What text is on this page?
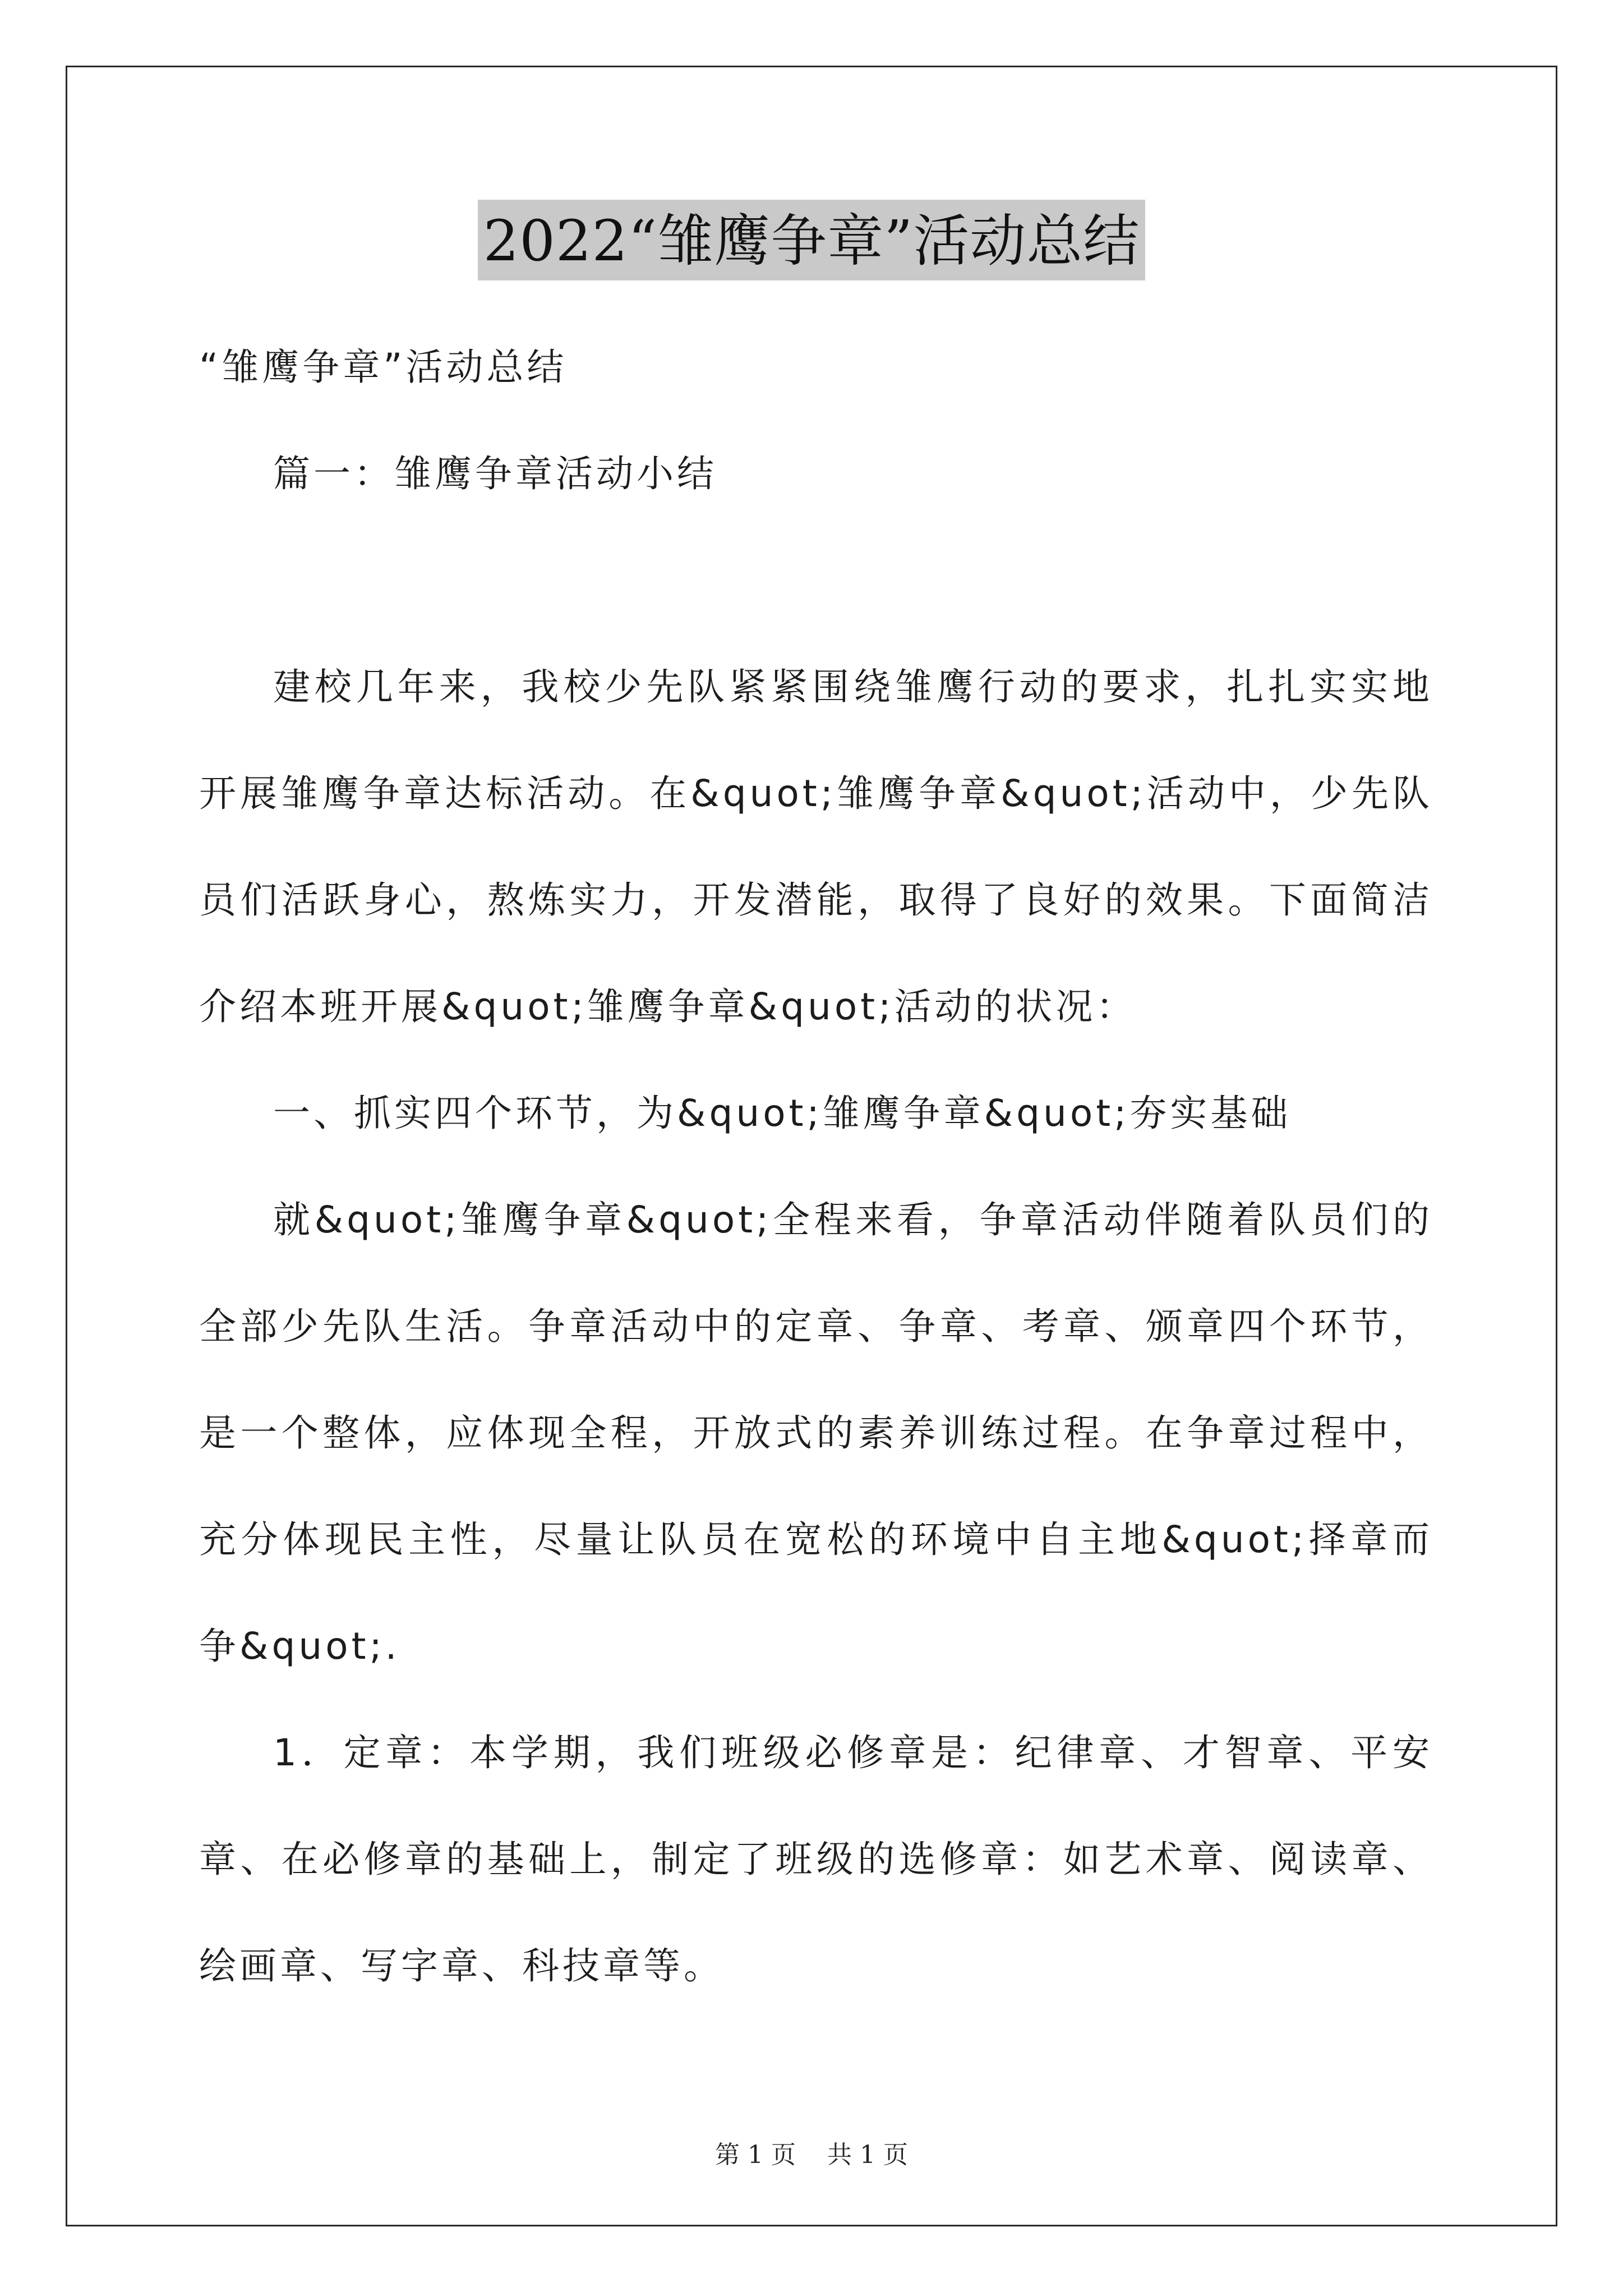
2022“雏鹰争章”活动总结

“雏鹰争章”活动总结

篇一：雏鹰争章活动小结

建校几年来，我校少先队紧紧围绕雏鹰行动的要求，扎扎实实地开展雏鹰争章达标活动。在&quot;雏鹰争章&quot;活动中，少先队员们活跃身心，熬炼实力，开发潜能，取得了良好的效果。下面简洁介绍本班开展&quot;雏鹰争章&quot;活动的状况：

一、抓实四个环节，为&quot;雏鹰争章&quot;夯实基础

就&quot;雏鹰争章&quot;全程来看，争章活动伴随着队员们的全部少先队生活。争章活动中的定章、争章、考章、颁章四个环节，是一个整体，应体现全程，开放式的素养训练过程。在争章过程中，充分体现民主性，尽量让队员在宽松的环境中自主地&quot;择章而争&quot;.

1．定章：本学期，我们班级必修章是：纪律章、才智章、平安章、在必修章的基础上，制定了班级的选修章：如艺术章、阅读章、绘画章、写字章、科技章等。

第 1 页 共 1 页
